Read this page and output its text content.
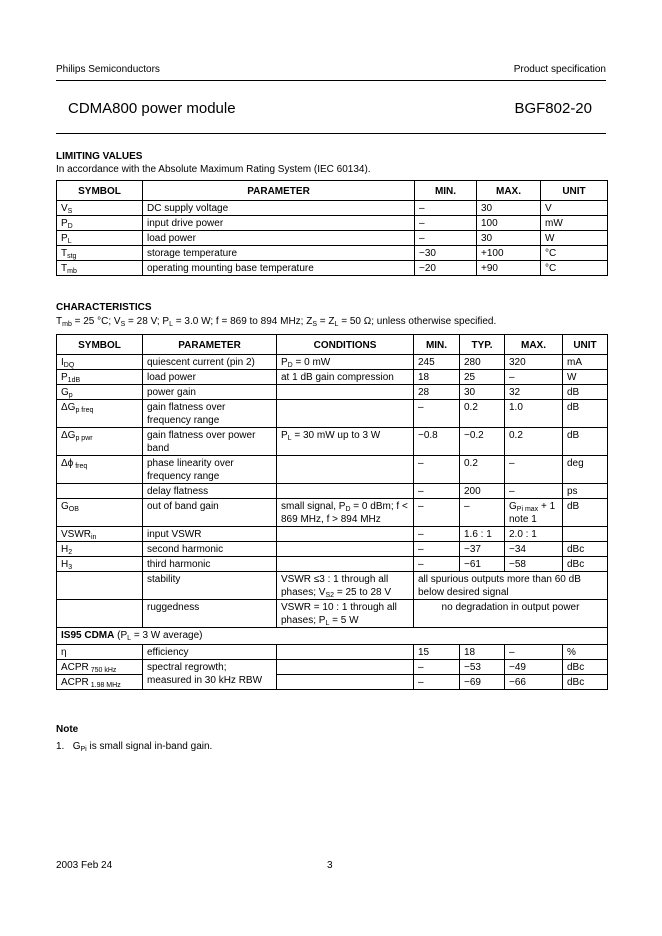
Philips Semiconductors	Product specification
CDMA800 power module	BGF802-20
LIMITING VALUES
In accordance with the Absolute Maximum Rating System (IEC 60134).
SYMBOL	PARAMETER	MIN.	MAX.	UNIT
$V_S$	DC supply voltage	–	30	V
$P_D$	input drive power	–	100	mW
$P_L$	load power	–	30	W
$T_{stg}$	storage temperature	−30	+100	°C
$T_{mb}$	operating mounting base temperature	−20	+90	°C
CHARACTERISTICS
$T_{mb} = 25$ °C; $V_S = 28$ V; $P_L = 3.0$ W; f = 869 to 894 MHz; $Z_S = Z_L = 50$ Ω; unless otherwise specified.
SYMBOL	PARAMETER	CONDITIONS	MIN.	TYP.	MAX.	UNIT
$I_{DQ}$	quiescent current (pin 2)	$P_D = 0$ mW	245	280	320	mA
$P_{1dB}$	load power	at 1 dB gain compression	18	25	–	W
$G_p$	power gain		28	30	32	dB
$\Delta G_{p freq}$	gain flatness over frequency range		–	0.2	1.0	dB
$\Delta G_{p pwr}$	gain flatness over power band	$P_L = 30$ mW up to 3 W	−0.8	−0.2	0.2	dB
Δϕ $_{freq}$	phase linearity over frequency range		–	0.2	–	deg
	delay flatness		–	200	–	ps
$G_{OB}$	out of band gain	small signal, $P_D = 0$ dBm; f < 869 MHz, f > 894 MHz	–	–	$G_{Pi max} + 1$ note 1	dB
$VSWR_{in}$	input VSWR		–	1.6 : 1	2.0 : 1	
$H_2$	second harmonic		–	−37	−34	dBc
$H_3$	third harmonic		–	−61	−58	dBc
	stability	VSWR ≤3 : 1 through all phases; $V_{S2} = 25$ to 28 V	all spurious outputs more than 60 dB below desired signal			
	ruggedness	VSWR = 10 : 1 through all phases; $P_L = 5$ W	no degradation in output power			
IS95 CDMA ($P_L = 3$ W average)						
η	efficiency		15	18	–	%
ACPR $_{750 kHz}$	spectral regrowth; measured in 30 kHz RBW		–	−53	−49	dBc
ACPR $_{1.98 MHz}$			–	−69	−66	dBc
Note
1. $G_{Pi}$ is small signal in-band gain.
2003 Feb 24	3
